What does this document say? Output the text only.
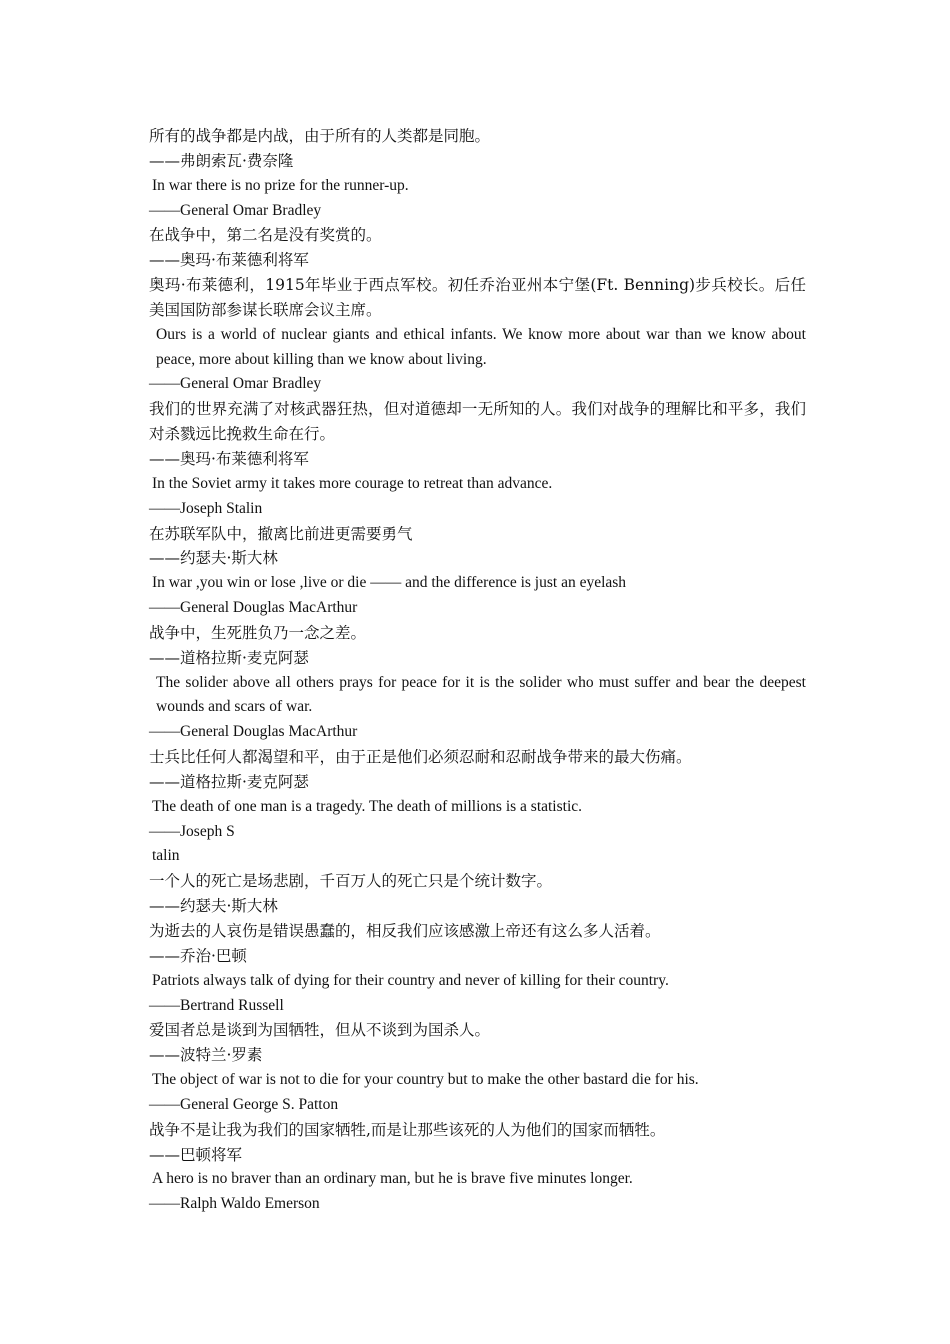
所有的战争都是内战，由于所有的人类都是同胞。

——弗朗索瓦·费奈隆

In war there is no prize for the runner-up.

——General Omar Bradley

在战争中，第二名是没有奖赏的。

——奥玛·布莱德利将军

奥玛·布莱德利，1915年毕业于西点军校。初任乔治亚州本宁堡(Ft. Benning)步兵校长。后任美国国防部参谋长联席会议主席。

Ours is a world of nuclear giants and ethical infants. We know more about war than we know about peace, more about killing than we know about living.

——General Omar Bradley

我们的世界充满了对核武器狂热，但对道德却一无所知的人。我们对战争的理解比和平多，我们对杀戮远比挽救生命在行。

——奥玛·布莱德利将军

In the Soviet army it takes more courage to retreat than advance.

——Joseph Stalin

在苏联军队中，撤离比前进更需要勇气

——约瑟夫·斯大林

In war ,you win or lose ,live or die —— and the difference is just an eyelash

——General Douglas MacArthur

战争中，生死胜负乃一念之差。

——道格拉斯·麦克阿瑟

The solider above all others prays for peace for it is the solider who must suffer and bear the deepest wounds and scars of war.

——General Douglas MacArthur

士兵比任何人都渴望和平，由于正是他们必须忍耐和忍耐战争带来的最大伤痛。

——道格拉斯·麦克阿瑟

The death of one man is a tragedy. The death of millions is a statistic.

——Joseph S

talin

一个人的死亡是场悲剧，千百万人的死亡只是个统计数字。

——约瑟夫·斯大林

为逝去的人哀伤是错误愚蠢的，相反我们应该感激上帝还有这么多人活着。

——乔治·巴顿

Patriots always talk of dying for their country and never of killing for their country.

——Bertrand Russell

爱国者总是谈到为国牺牲，但从不谈到为国杀人。

——波特兰·罗素

The object of war is not to die for your country but to make the other bastard die for his.

——General George S. Patton

战争不是让我为我们的国家牺牲,而是让那些该死的人为他们的国家而牺牲。

——巴顿将军

A hero is no braver than an ordinary man, but he is brave five minutes longer.

——Ralph Waldo Emerson
